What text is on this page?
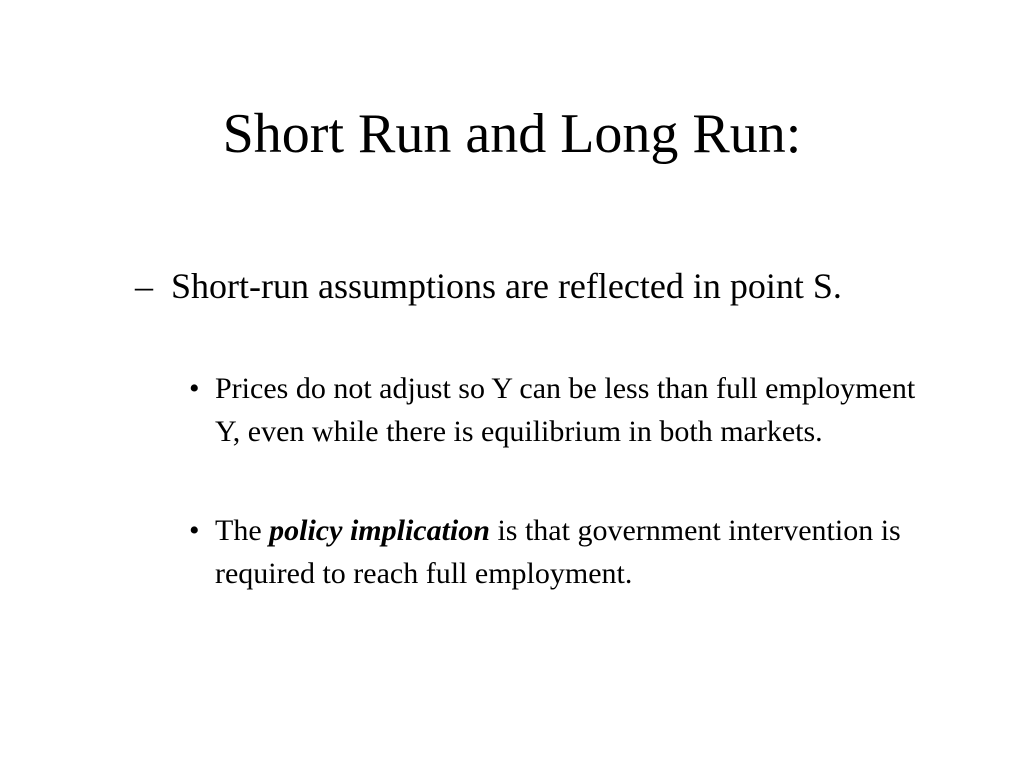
Short Run and Long Run:
– Short-run assumptions are reflected in point S.
• Prices do not adjust so Y can be less than full employment Y, even while there is equilibrium in both markets.
• The policy implication is that government intervention is required to reach full employment.
